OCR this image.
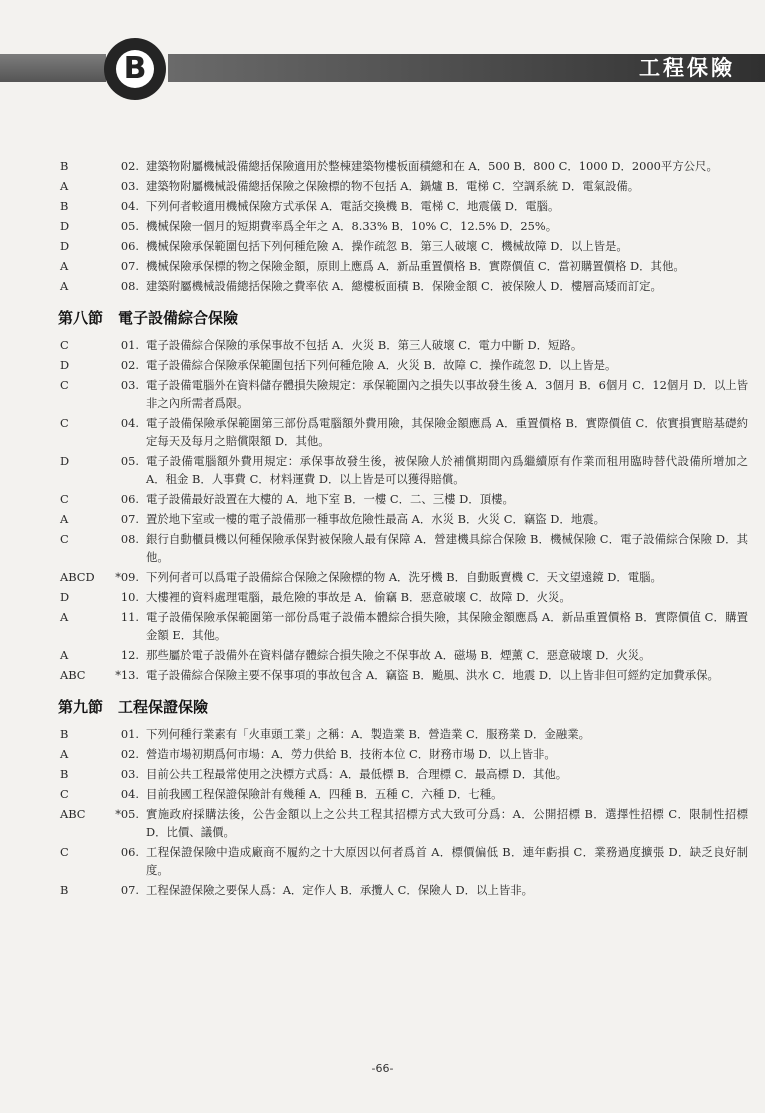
B	工程保險
B	02. 建築物附屬機械設備總括保險適用於整棟建築物樓板面積總和在 A．500 B．800 C．1000 D．2000平方公尺。
A	03. 建築物附屬機械設備總括保險之保險標的物不包括 A．鍋爐 B．電梯 C．空調系統 D．電氣設備。
B	04. 下列何者較適用機械保險方式承保 A．電話交換機 B．電梯 C．地震儀 D．電腦。
D	05. 機械保險一個月的短期費率爲全年之 A．8.33% B．10% C．12.5% D．25%。
D	06. 機械保險承保範圍包括下列何種危險 A．操作疏忽 B．第三人破壞 C．機械故障 D．以上皆是。
A	07. 機械保險承保標的物之保險金額，原則上應爲 A．新品重置價格 B．實際價值 C．當初購置價格 D．其他。
A	08. 建築附屬機械設備總括保險之費率依 A．總樓板面積 B．保險金額 C．被保險人 D．樓層高矮而訂定。
第八節　電子設備綜合保險
C	01. 電子設備綜合保險的承保事故不包括 A．火災 B．第三人破壞 C．電力中斷 D．短路。
D	02. 電子設備綜合保險承保範圍包括下列何種危險 A．火災 B．故障 C．操作疏忽 D．以上皆是。
C	03. 電子設備電腦外在資料儲存體損失險規定：承保範圍內之損失以事故發生後 A．3個月 B．6個月 C．12個月 D．以上皆非之內所需者爲限。
C	04. 電子設備保險承保範圍第三部份爲電腦額外費用險，其保險金額應爲 A．重置價格 B．實際價值 C．依實損實賠基礎約定每天及每月之賠償限額 D．其他。
D	05. 電子設備電腦額外費用規定：承保事故發生後，被保險人於補償期間內爲繼續原有作業而租用臨時替代設備所增加之 A．租金 B．人事費 C．材料運費 D．以上皆是可以獲得賠償。
C	06. 電子設備最好設置在大樓的 A．地下室 B．一樓 C．二、三樓 D．頂樓。
A	07. 置於地下室或一樓的電子設備那一種事故危險性最高 A．水災 B．火災 C．竊盜 D．地震。
C	08. 銀行自動櫃員機以何種保險承保對被保險人最有保障 A．營建機具綜合保險 B．機械保險 C．電子設備綜合保險 D．其他。
ABCD	*09. 下列何者可以爲電子設備綜合保險之保險標的物 A．洗牙機 B．自動販賣機 C．天文望遠鏡 D．電腦。
D	10. 大樓裡的資料處理電腦，最危險的事故是 A．偷竊 B．惡意破壞 C．故障 D．火災。
A	11. 電子設備保險承保範圍第一部份爲電子設備本體綜合損失險，其保險金額應爲 A．新品重置價格 B．實際價值 C．購置金額 E．其他。
A	12. 那些屬於電子設備外在資料儲存體綜合損失險之不保事故 A．磁場 B．煙薰 C．惡意破壞 D．火災。
ABC	*13. 電子設備綜合保險主要不保事項的事故包含 A．竊盜 B．颱風、洪水 C．地震 D．以上皆非但可經約定加費承保。
第九節　工程保證保險
B	01. 下列何種行業素有「火車頭工業」之稱：A．製造業 B．營造業 C．服務業 D．金融業。
A	02. 營造市場初期爲何市場：A．勞力供給 B．技術本位 C．財務市場 D．以上皆非。
B	03. 目前公共工程最常使用之決標方式爲：A．最低標 B．合理標 C．最高標 D．其他。
C	04. 目前我國工程保證保險計有幾種 A．四種 B．五種 C．六種 D．七種。
ABC	*05. 實施政府採購法後，公告金額以上之公共工程其招標方式大致可分爲：A．公開招標 B．選擇性招標 C．限制性招標 D．比價、議價。
C	06. 工程保證保險中造成廠商不履約之十大原因以何者爲首 A．標價偏低 B．連年虧損 C．業務過度擴張 D．缺乏良好制度。
B	07. 工程保證保險之要保人爲：A．定作人 B．承攬人 C．保險人 D．以上皆非。
-66-
